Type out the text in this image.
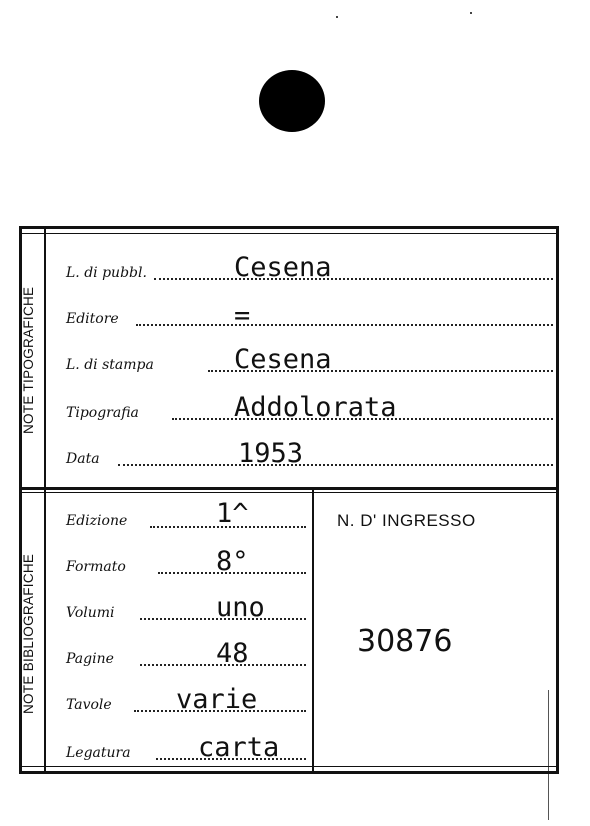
NOTE TIPOGRAFICHE
NOTE BIBLIOGRAFICHE
L. di pubbl.	Cesena
Editore	=
L. di stampa	Cesena
Tipografia	Addolorata
Data	1953
Edizione	1^
Formato	8°
Volumi	uno
Pagine	48
Tavole varie
Legatura carta
N. D' INGRESSO
30876
